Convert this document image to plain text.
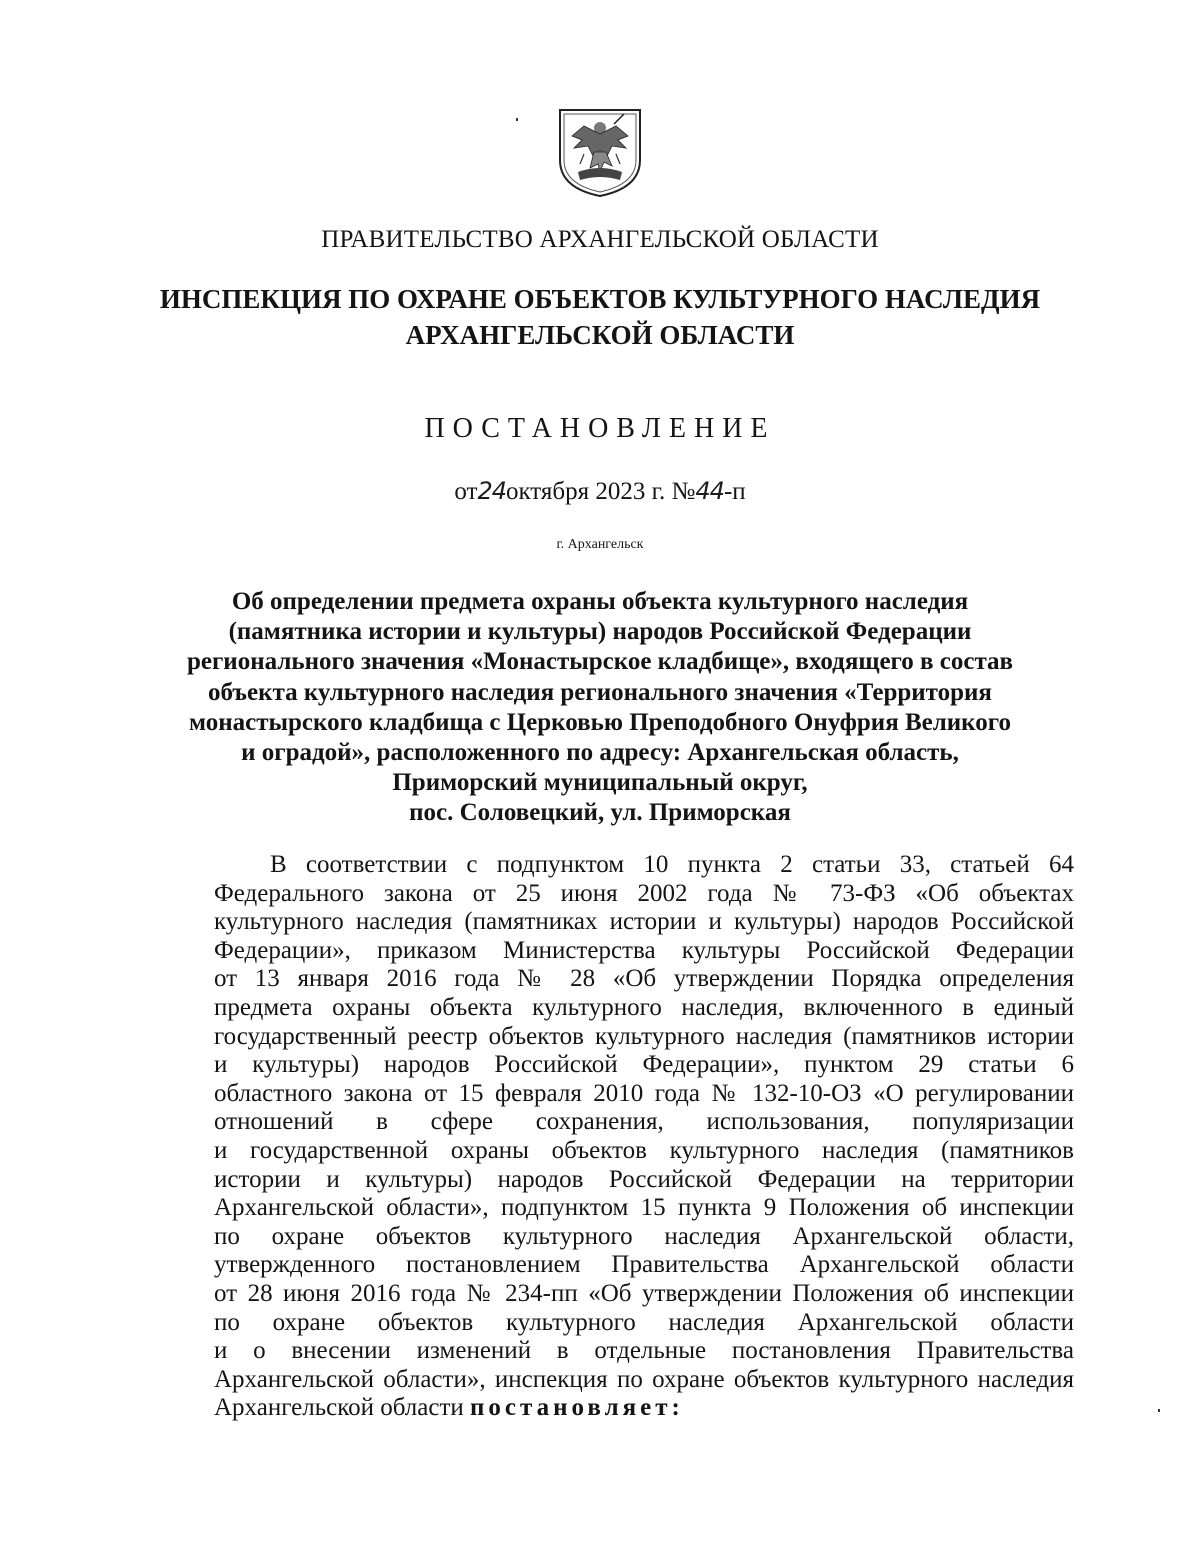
ПРАВИТЕЛЬСТВО АРХАНГЕЛЬСКОЙ ОБЛАСТИ
ИНСПЕКЦИЯ ПО ОХРАНЕ ОБЪЕКТОВ КУЛЬТУРНОГО НАСЛЕДИЯ
АРХАНГЕЛЬСКОЙ ОБЛАСТИ
ПОСТАНОВЛЕНИЕ
от24октября 2023 г. №44-п
г. Архангельск
Об определении предмета охраны объекта культурного наследия
(памятника истории и культуры) народов Российской Федерации
регионального значения «Монастырское кладбище», входящего в состав
объекта культурного наследия регионального значения «Территория
монастырского кладбища с Церковью Преподобного Онуфрия Великого
и оградой», расположенного по адресу: Архангельская область,
Приморский муниципальный округ,
пос. Соловецкий, ул. Приморская
В соответствии с подпунктом 10 пункта 2 статьи 33, статьей 64
Федерального закона от 25 июня 2002 года № 73-ФЗ «Об объектах
культурного наследия (памятниках истории и культуры) народов Российской
Федерации», приказом Министерства культуры Российской Федерации
от 13 января 2016 года № 28 «Об утверждении Порядка определения
предмета охраны объекта культурного наследия, включенного в единый
государственный реестр объектов культурного наследия (памятников истории
и культуры) народов Российской Федерации», пунктом 29 статьи 6
областного закона от 15 февраля 2010 года № 132-10-ОЗ «О регулировании
отношений в сфере сохранения, использования, популяризации
и государственной охраны объектов культурного наследия (памятников
истории и культуры) народов Российской Федерации на территории
Архангельской области», подпунктом 15 пункта 9 Положения об инспекции
по охране объектов культурного наследия Архангельской области,
утвержденного постановлением Правительства Архангельской области
от 28 июня 2016 года № 234-пп «Об утверждении Положения об инспекции
по охране объектов культурного наследия Архангельской области
и о внесении изменений в отдельные постановления Правительства
Архангельской области», инспекция по охране объектов культурного наследия
Архангельской области постановляет:
